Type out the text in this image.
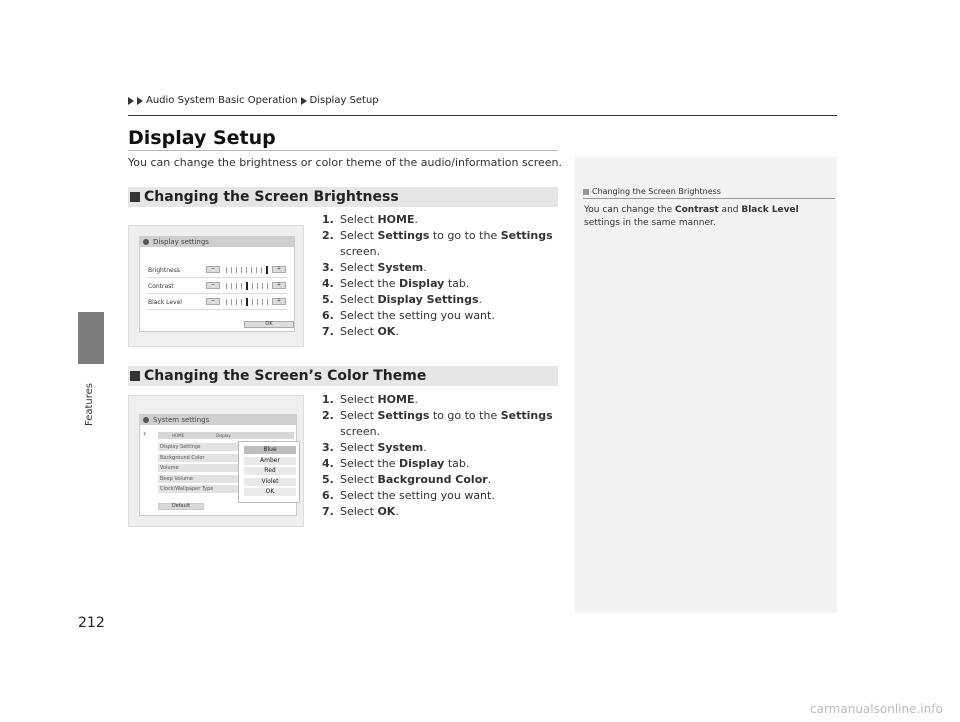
Features
212
Audio System Basic Operation Display Setup
Display Setup
You can change the brightness or color theme of the audio/information screen.
Changing the Screen Brightness
1. Select HOME.
2. Select Settings to go to the Settings screen.
3. Select System.
4. Select the Display tab.
5. Select Display Settings.
6. Select the setting you want.
7. Select OK.
Display settings
Brightness	−	+
Contrast	−	+
Black Level	−	+
OK
Changing the Screen’s Color Theme
1. Select HOME.
2. Select Settings to go to the Settings screen.
3. Select System.
4. Select the Display tab.
5. Select Background Color.
6. Select the setting you want.
7. Select OK.
System settings
‹	HOME	Display
Display Settings
Background Color
Volume
Beep Volume
Clock/Wallpaper Type
Blue
Amber
Red
Violet
OK
Default
Changing the Screen Brightness
You can change the Contrast and Black Level settings in the same manner.
carmanualsonline.info
